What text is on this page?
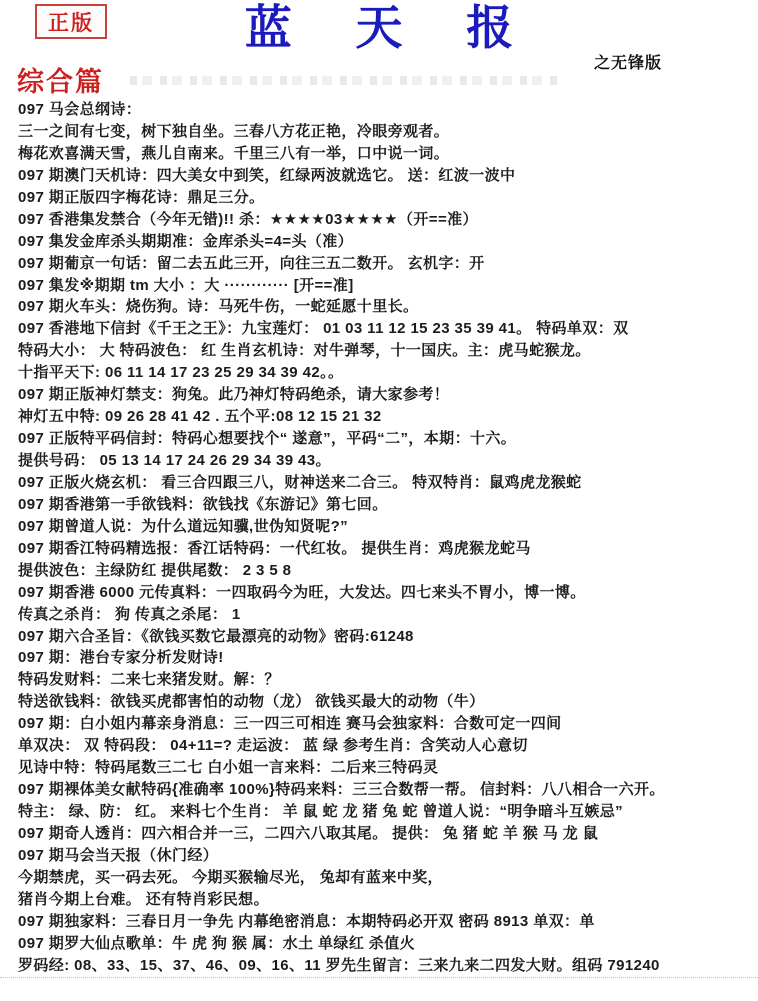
正版	蓝 天 报
之无锋版
综合篇
097 马会总纲诗：
三一之间有七变，树下独自坐。三春八方花正艳，冷眼旁观者。
梅花欢喜满天雪，燕儿自南来。千里三八有一举，口中说一词。
097 期澳门天机诗：四大美女中到笑，红绿两波就选它。 送：红波一波中
097 期正版四字梅花诗：鼎足三分。
097 香港集发禁合（今年无错)!! 杀：★★★★03★★★★（开==准）
097 集发金库杀头期期准：金库杀头=4=头（准）
097 期葡京一句话：留二去五此三开，向往三五二数开。 玄机字：开
097 集发※期期 tm 大小 ：大 ············ [开==准]
097 期火车头：烧伤狗。诗：马死牛伤，一蛇延愿十里长。
097 香港地下信封《千王之王》：九宝莲灯： 01 03 11 12 15 23 35 39 41。 特码单双：双
特码大小： 大 特码波色： 红 生肖玄机诗：对牛弹琴，十一国庆。主：虎马蛇猴龙。
十指平天下: 06 11 14 17 23 25 29 34 39 42。。
097 期正版神灯禁支：狗兔。此乃神灯特码绝杀，请大家参考！
神灯五中特: 09 26 28 41 42 . 五个平:08 12 15 21 32
097 正版特平码信封：特码心想要找个“ 遂意”，平码“二”，本期：十六。
提供号码： 05 13 14 17 24 26 29 34 39 43。
097 正版火烧玄机： 看三合四跟三八，财神送来二合三。 特双特肖：鼠鸡虎龙猴蛇
097 期香港第一手欲钱料：欲钱找《东游记》第七回。
097 期曾道人说：为什么道远知骥,世伪知贤呢?”
097 期香江特码精选报：香江话特码：一代红妆。 提供生肖：鸡虎猴龙蛇马
提供波色：主绿防红 提供尾数： 2 3 5 8
097 期香港 6000 元传真料：一四取码今为旺，大发达。四七来头不胃小，博一博。
传真之杀肖： 狗 传真之杀尾： 1
097 期六合圣旨：《欲钱买数它最漂亮的动物》密码:61248
097 期：港台专家分析发财诗!
特码发财料：二来七来猪发财。解：？
特送欲钱料：欲钱买虎都害怕的动物（龙） 欲钱买最大的动物（牛）
097 期：白小姐内幕亲身消息：三一四三可相连 赛马会独家料：合数可定一四间
单双决： 双 特码段： 04+11=? 走运波： 蓝 绿 参考生肖：含笑动人心意切
见诗中特：特码尾数三二七 白小姐一言来料：二后来三特码灵
097 期裸体美女献特码{准确率 100%}特码来料：三三合数帮一帮。 信封料：八八相合一六开。
特主： 绿、防： 红。 来料七个生肖： 羊 鼠 蛇 龙 猪 兔 蛇 曾道人说：“明争暗斗互嫉忌”
097 期奇人透肖：四六相合并一三，二四六八取其尾。 提供： 兔 猪 蛇 羊 猴 马 龙 鼠
097 期马会当天报（休门经）
今期禁虎，买一码去死。 今期买猴输尽光， 兔却有蓝来中奖，
猪肖今期上台难。 还有特肖彩民想。
097 期独家料：三春日月一争先 内幕绝密消息：本期特码必开双 密码 8913 单双：单
097 期罗大仙点歌单：牛 虎 狗 猴 属：水土 单绿红 杀值火
罗码经: 08、33、15、37、46、09、16、11 罗先生留言：三来九来二四发大财。组码 791240
